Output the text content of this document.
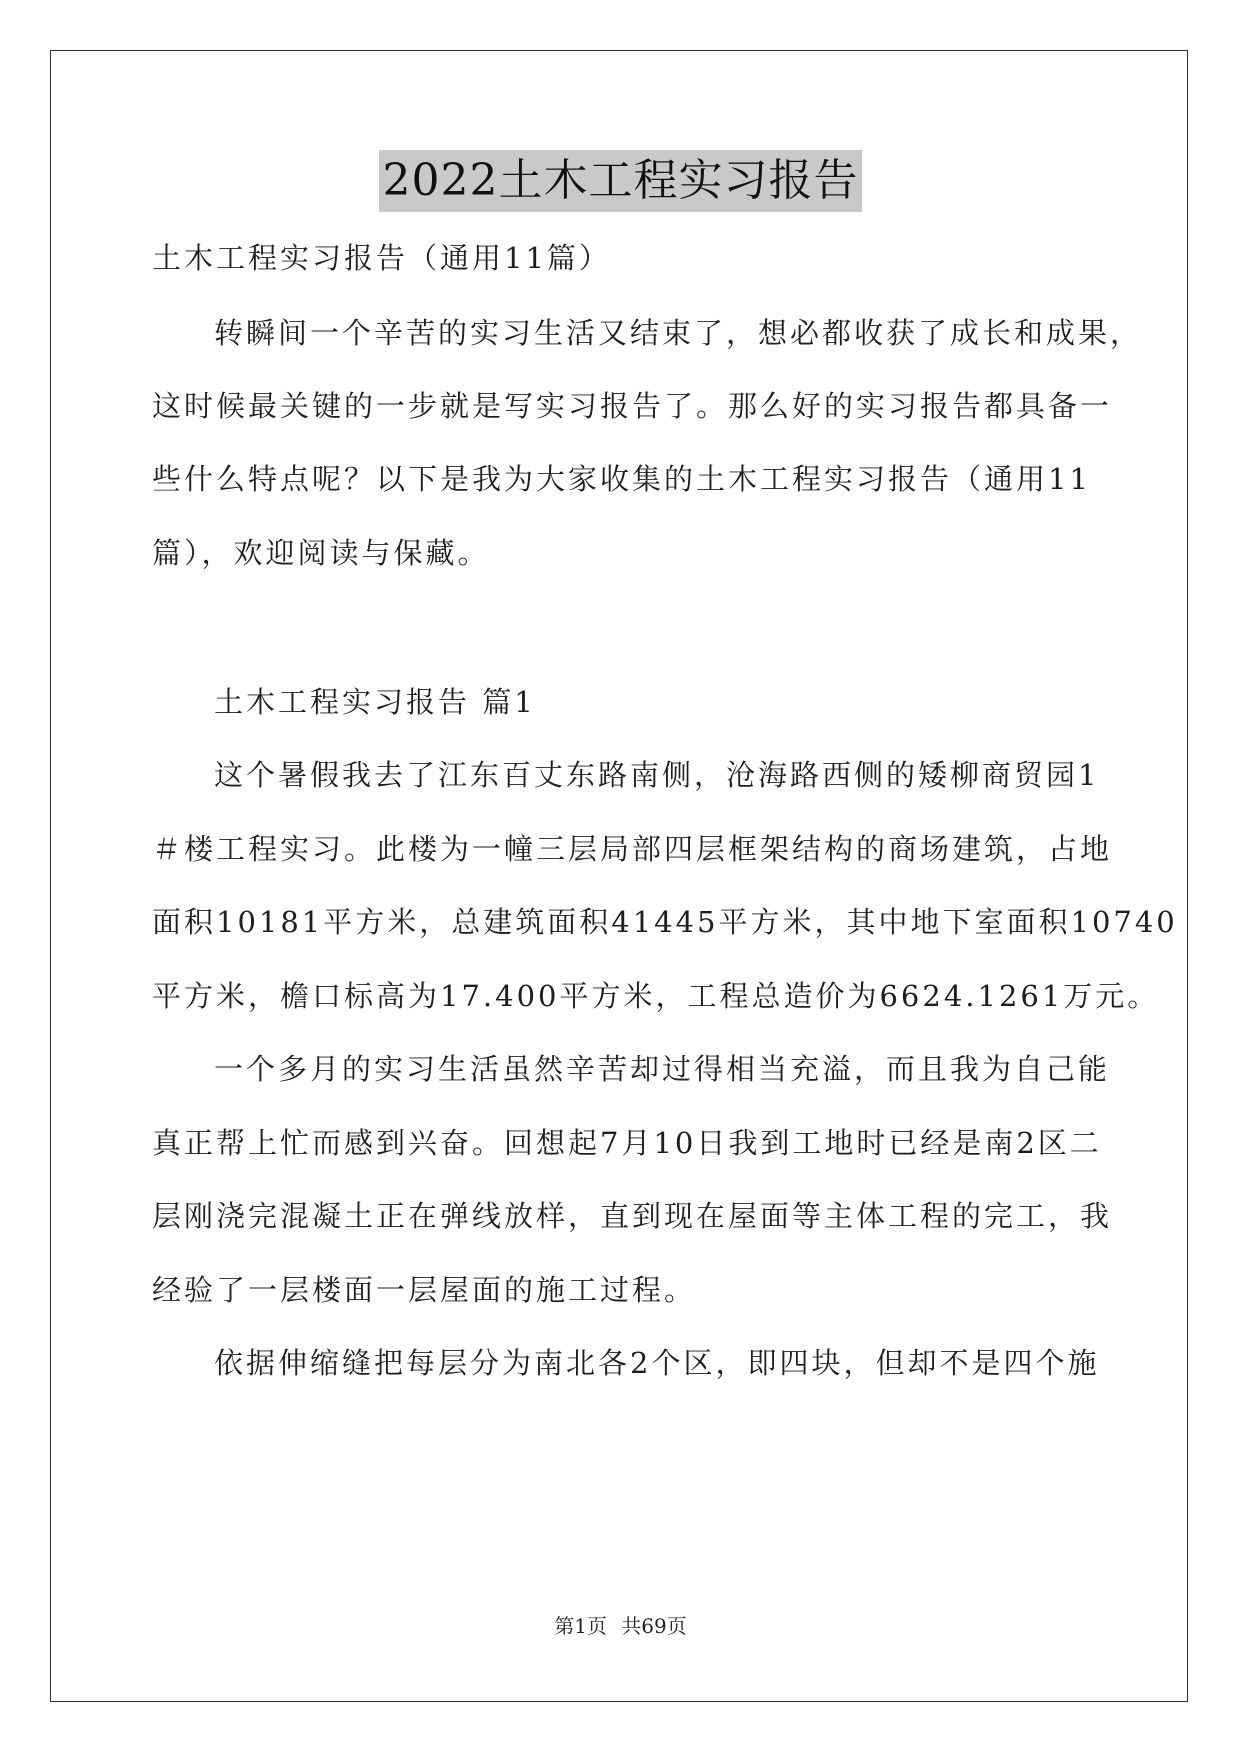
2022土木工程实习报告
土木工程实习报告（通用11篇）
转瞬间一个辛苦的实习生活又结束了，想必都收获了成长和成果，
这时候最关键的一步就是写实习报告了。那么好的实习报告都具备一
些什么特点呢？以下是我为大家收集的土木工程实习报告（通用11
篇），欢迎阅读与保藏。
土木工程实习报告 篇1
这个暑假我去了江东百丈东路南侧，沧海路西侧的矮柳商贸园1
＃楼工程实习。此楼为一幢三层局部四层框架结构的商场建筑，占地
面积10181平方米，总建筑面积41445平方米，其中地下室面积10740
平方米，檐口标高为17.400平方米，工程总造价为6624.1261万元。
一个多月的实习生活虽然辛苦却过得相当充溢，而且我为自己能
真正帮上忙而感到兴奋。回想起7月10日我到工地时已经是南2区二
层刚浇完混凝土正在弹线放样，直到现在屋面等主体工程的完工，我
经验了一层楼面一层屋面的施工过程。
依据伸缩缝把每层分为南北各2个区，即四块，但却不是四个施
第1页 共69页
